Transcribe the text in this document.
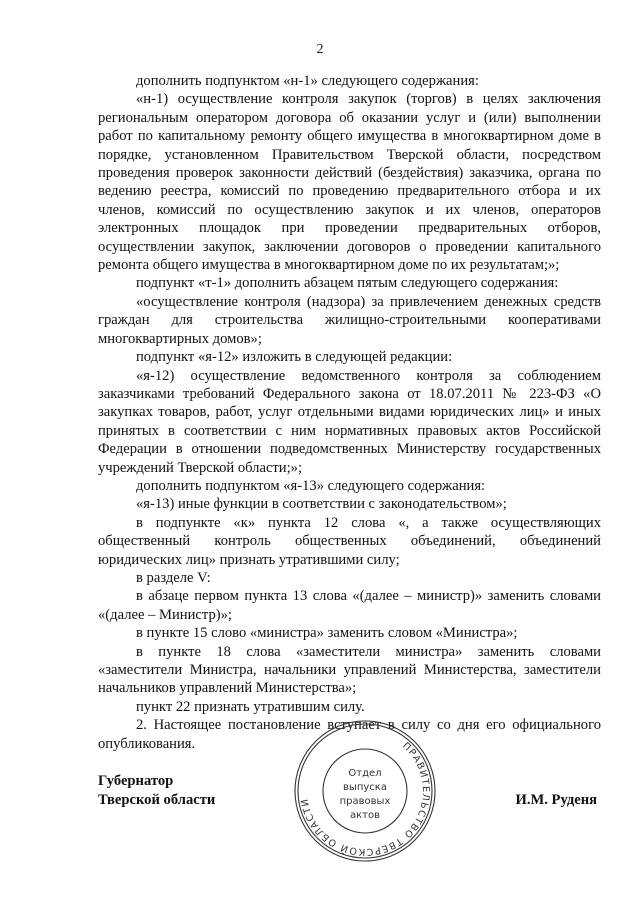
2

дополнить подпунктом «н-1» следующего содержания:

«н-1) осуществление контроля закупок (торгов) в целях заключения региональным оператором договора об оказании услуг и (или) выполнении работ по капитальному ремонту общего имущества в многоквартирном доме в порядке, установленном Правительством Тверской области, посредством проведения проверок законности действий (бездействия) заказчика, органа по ведению реестра, комиссий по проведению предварительного отбора и их членов, комиссий по осуществлению закупок и их членов, операторов электронных площадок при проведении предварительных отборов, осуществлении закупок, заключении договоров о проведении капитального ремонта общего имущества в многоквартирном доме по их результатам;»;

подпункт «т-1» дополнить абзацем пятым следующего содержания:

«осуществление контроля (надзора) за привлечением денежных средств граждан для строительства жилищно-строительными кооперативами многоквартирных домов»;

подпункт «я-12» изложить в следующей редакции:

«я-12) осуществление ведомственного контроля за соблюдением заказчиками требований Федерального закона от 18.07.2011 № 223-ФЗ «О закупках товаров, работ, услуг отдельными видами юридических лиц» и иных принятых в соответствии с ним нормативных правовых актов Российской Федерации в отношении подведомственных Министерству государственных учреждений Тверской области;»;

дополнить подпунктом «я-13» следующего содержания:

«я-13) иные функции в соответствии с законодательством»;

в подпункте «к» пункта 12 слова «, а также осуществляющих общественный контроль общественных объединений, объединений юридических лиц» признать утратившими силу;

в разделе V:

в абзаце первом пункта 13 слова «(далее – министр)» заменить словами «(далее – Министр)»;

в пункте 15 слово «министра» заменить словом «Министра»;

в пункте 18 слова «заместители министра» заменить словами «заместители Министра, начальники управлений Министерства, заместители начальников управлений Министерства»;

пункт 22 признать утратившим силу.

2. Настоящее постановление вступает в силу со дня его официального опубликования.

Губернатор
Тверской области	И.М. Руденя
ПРАВИТЕЛЬСТВО ТВЕРСКОЙ ОБЛАСТИ
Отдел
выпуска
правовых
актов
